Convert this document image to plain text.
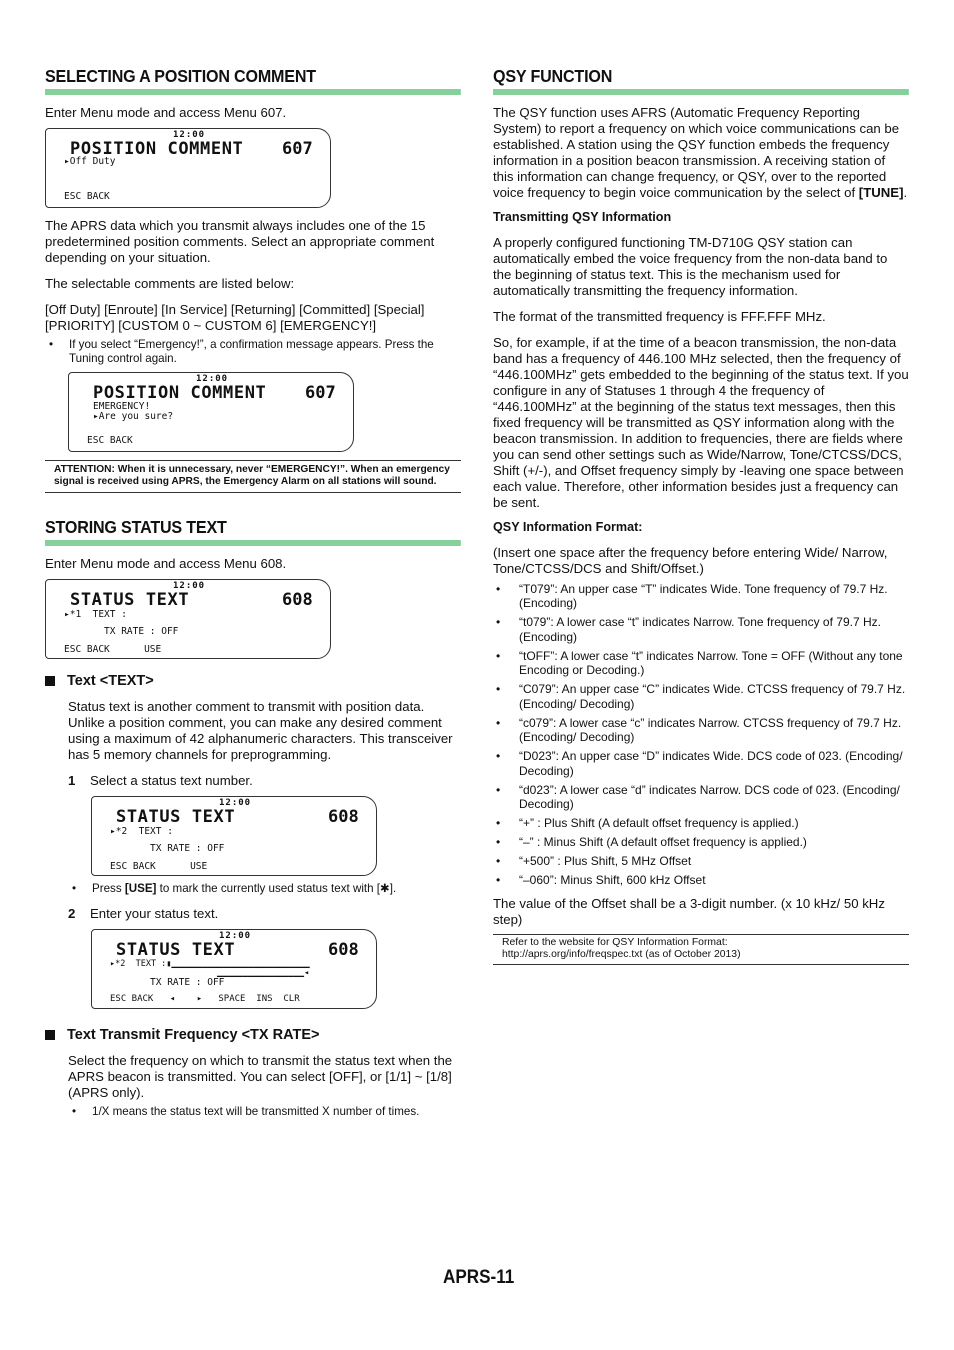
SELECTING A POSITION COMMENT

Enter Menu mode and access Menu 607.

12:00
POSITION COMMENT 607
▸Off Duty
ESC BACK

The APRS data which you transmit always includes one of the 15 predetermined position comments. Select an appropriate comment depending on your situation.

The selectable comments are listed below:

[Off Duty] [Enroute] [In Service] [Returning] [Committed] [Special] [PRIORITY] [CUSTOM 0 ~ CUSTOM 6] [EMERGENCY!]

•	If you select “Emergency!”, a confirmation message appears. Press the Tuning control again.
12:00
POSITION COMMENT 607
EMERGENCY!
▸Are you sure?
ESC BACK
ATTENTION: When it is unnecessary, never “EMERGENCY!”. When an emergency signal is received using APRS, the Emergency Alarm on all stations will sound.
STORING STATUS TEXT

Enter Menu mode and access Menu 608.

12:00
STATUS TEXT	608
▸*1  TEXT :
TX RATE : OFF
ESC BACK      USE
Text <TEXT>

Status text is another comment to transmit with position data. Unlike a position comment, you can make any desired comment using a maximum of 42 alphanumeric characters. This transceiver has 5 memory channels for preprogramming.

1	Select a status text number.
12:00
STATUS TEXT	608
▸*2  TEXT :
TX RATE : OFF
ESC BACK      USE
•	Press [USE] to mark the currently used status text with [✱].
2	Enter your status text.
12:00
STATUS TEXT	608
▸*2  TEXT :▮▁▁▁▁▁▁▁▁▁▁▁▁▁▁▁▁▁▁▁▁▁▁▁▁▁▁▁
▁▁▁▁▁▁▁▁▁▁▁▁▁▁▁▁▁◂
TX RATE : OFF
ESC BACK   ◂    ▸   SPACE  INS  CLR
Text Transmit Frequency <TX RATE>

Select the frequency on which to transmit the status text when the APRS beacon is transmitted. You can select [OFF], or [1/1] ~ [1/8] (APRS only).

•	1/X means the status text will be transmitted X number of times.
QSY FUNCTION

The QSY function uses AFRS (Automatic Frequency Reporting System) to report a frequency on which voice communications can be established. A station using the QSY function embeds the frequency information in a position beacon transmission. A receiving station of this information can change frequency, or QSY, over to the reported voice frequency to begin voice communication by the select of [TUNE].

Transmitting QSY Information

A properly configured functioning TM-D710G QSY station can automatically embed the voice frequency from the non-data band to the beginning of status text. This is the mechanism used for automatically transmitting the frequency information.

The format of the transmitted frequency is FFF.FFF MHz.

So, for example, if at the time of a beacon transmission, the non-data band has a frequency of 446.100 MHz selected, then the frequency of “446.100MHz” gets embedded to the beginning of the status text. If you configure in any of Statuses 1 through 4 the frequency of “446.100MHz” at the beginning of the status text messages, then this fixed frequency will be transmitted as QSY information along with the beacon transmission. In addition to frequencies, there are fields where you can send other settings such as Wide/Narrow, Tone/CTCSS/DCS, Shift (+/-), and Offset frequency simply by -leaving one space between each value. Therefore, other information besides just a frequency can be sent.

QSY Information Format:

(Insert one space after the frequency before entering Wide/ Narrow, Tone/CTCSS/DCS and Shift/Offset.)

•	“T079”: An upper case “T” indicates Wide. Tone frequency of 79.7 Hz. (Encoding)
•	“t079”: A lower case “t” indicates Narrow. Tone frequency of 79.7 Hz. (Encoding)
•	“tOFF”: A lower case “t” indicates Narrow. Tone = OFF (Without any tone Encoding or Decoding.)
•	“C079”: An upper case “C” indicates Wide. CTCSS frequency of 79.7 Hz. (Encoding/ Decoding)
•	“c079”: A lower case “c” indicates Narrow. CTCSS frequency of 79.7 Hz. (Encoding/ Decoding)
•	“D023”: An upper case “D” indicates Wide. DCS code of 023. (Encoding/ Decoding)
•	“d023”: A lower case “d” indicates Narrow. DCS code of 023. (Encoding/ Decoding)
•	“+” : Plus Shift (A default offset frequency is applied.)
•	“–” : Minus Shift (A default offset frequency is applied.)
•	“+500” : Plus Shift, 5 MHz Offset
•	“–060”: Minus Shift, 600 kHz Offset

The value of the Offset shall be a 3-digit number. (x 10 kHz/ 50 kHz step)

Refer to the website for QSY Information Format:
http://aprs.org/info/freqspec.txt (as of October 2013)
APRS-11
